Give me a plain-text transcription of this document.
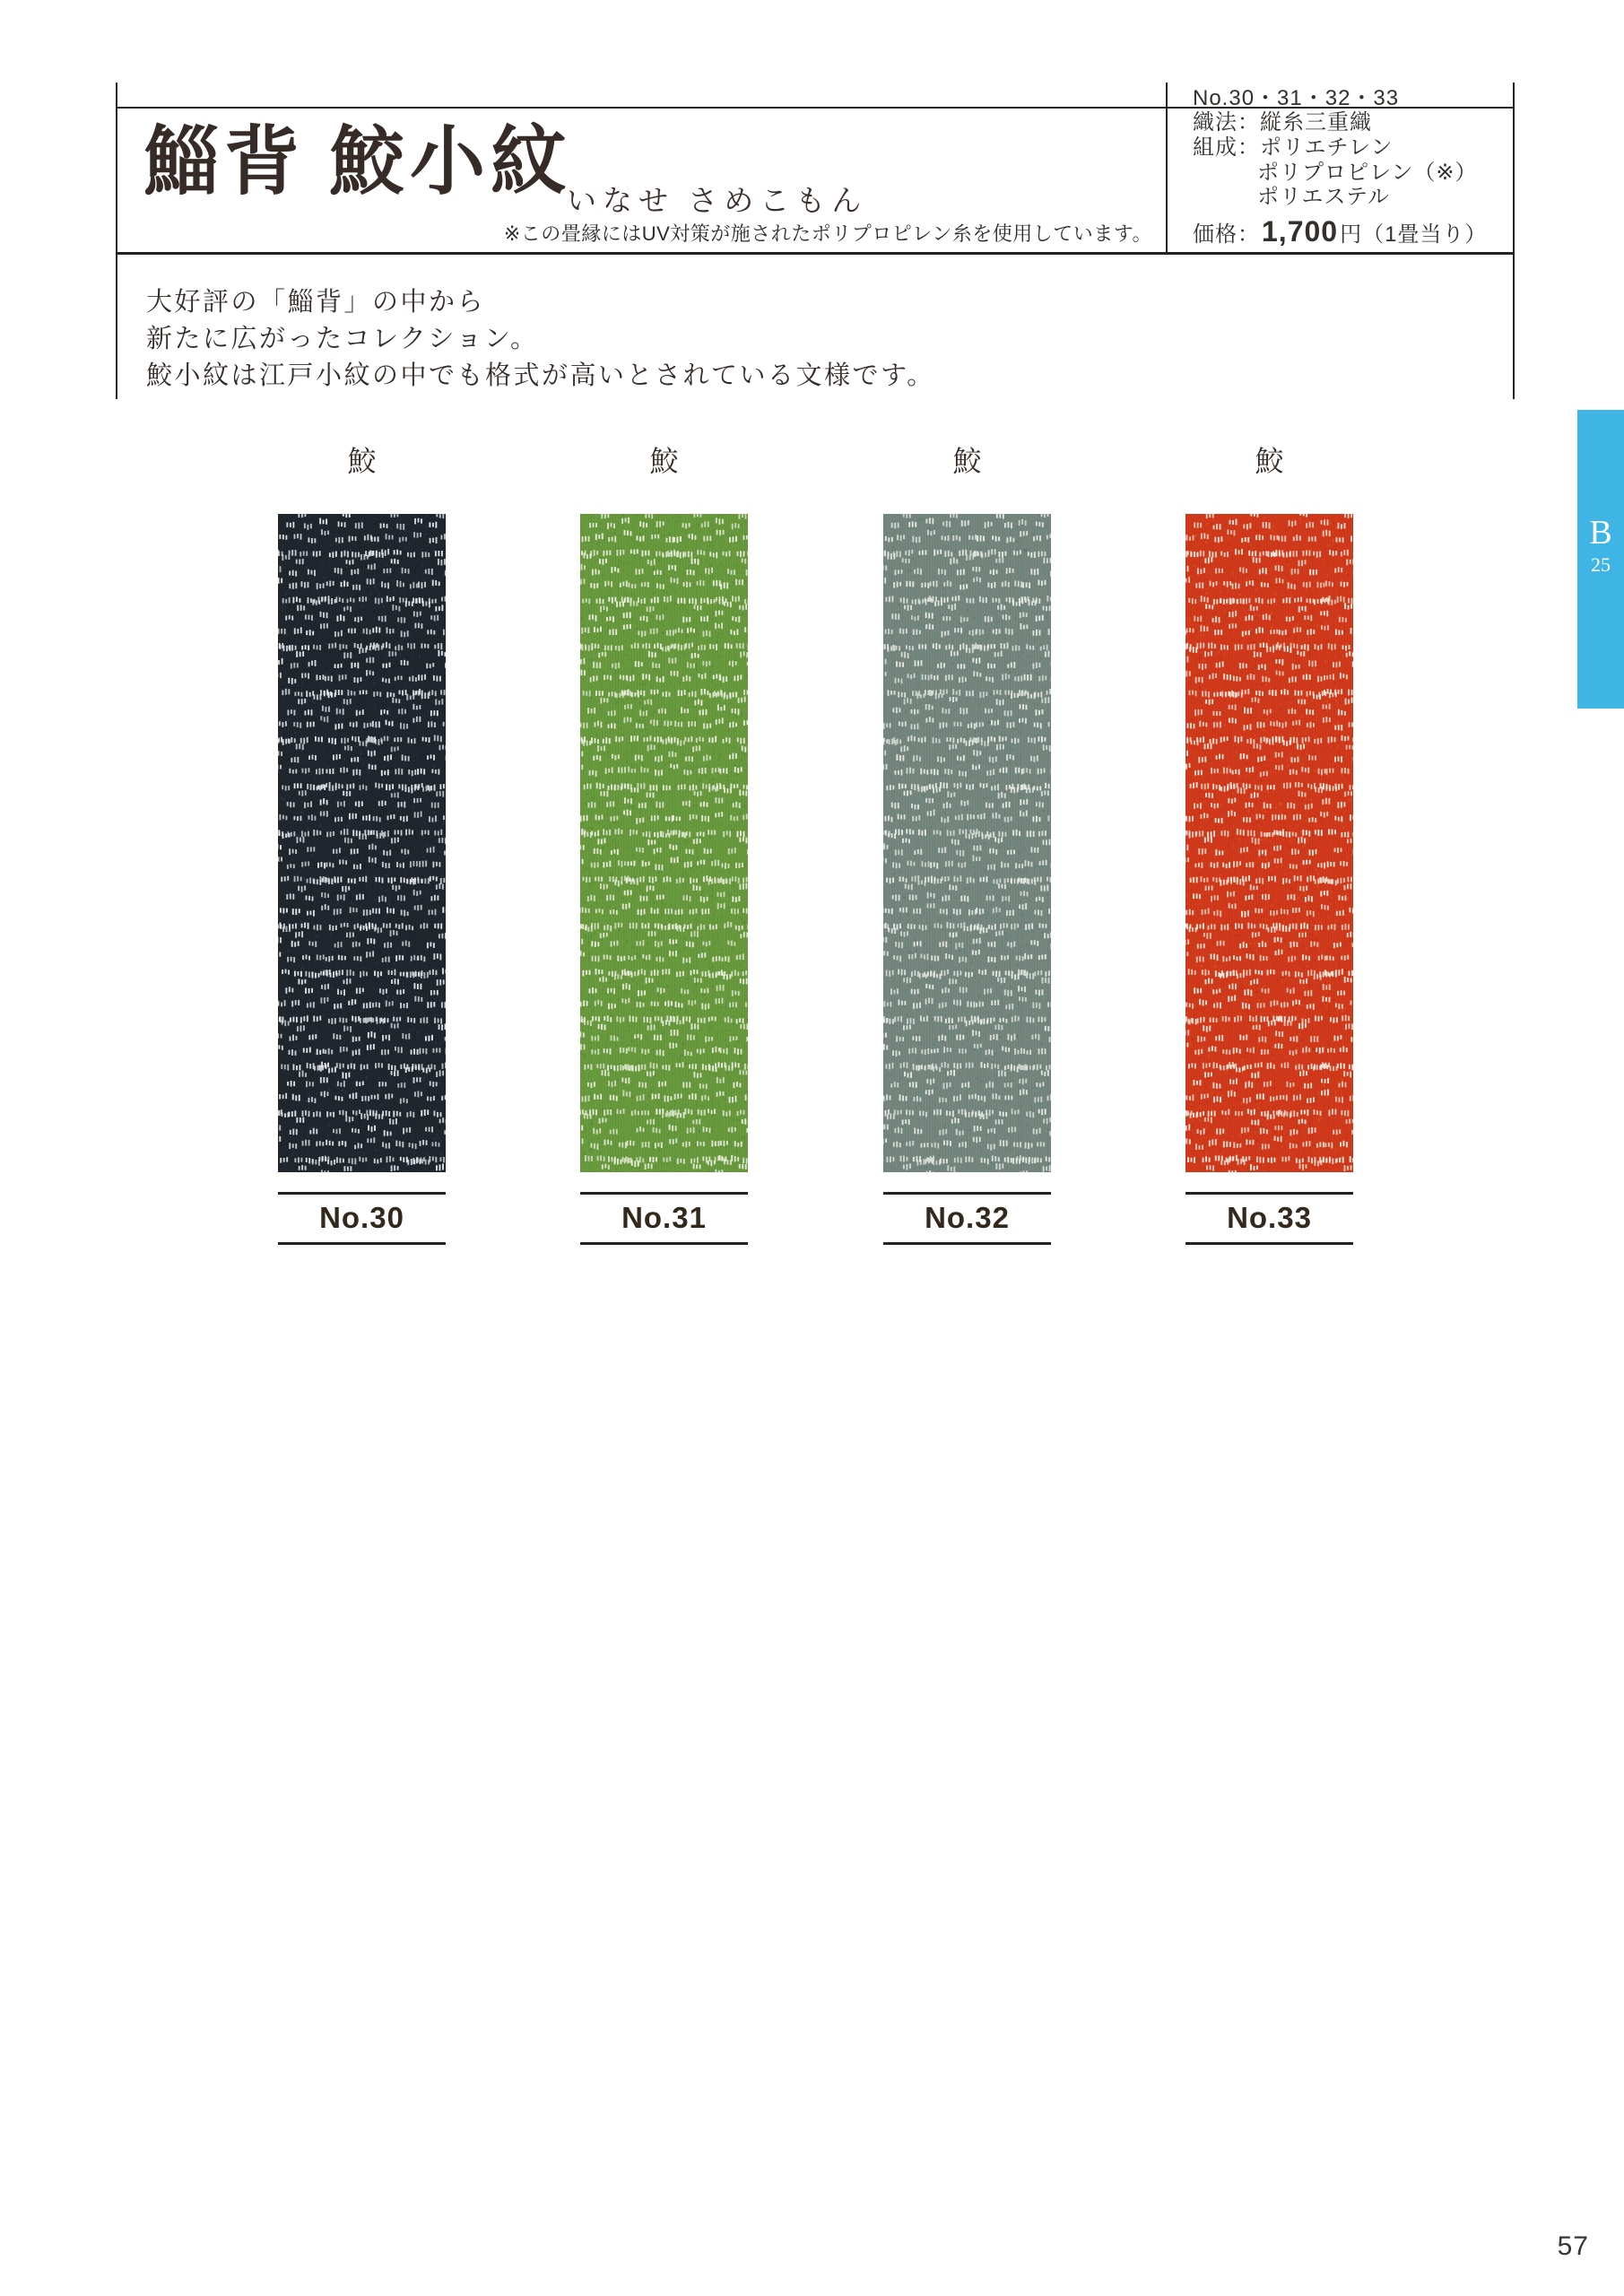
鯔背 鮫小紋
いなせ さめこもん
※この畳縁にはUV対策が施されたポリプロピレン糸を使用しています。
No.30・31・32・33
織法：縦糸三重織
組成：ポリエチレン
ポリプロピレン（※）
ポリエステル
価格： 1,700 円（1畳当り）
大好評の「鯔背」の中から
新たに広がったコレクション。
鮫小紋は江戸小紋の中でも格式が高いとされている文様です。
鮫
No.30
鮫
No.31
鮫
No.32
鮫
No.33
B
25
57
